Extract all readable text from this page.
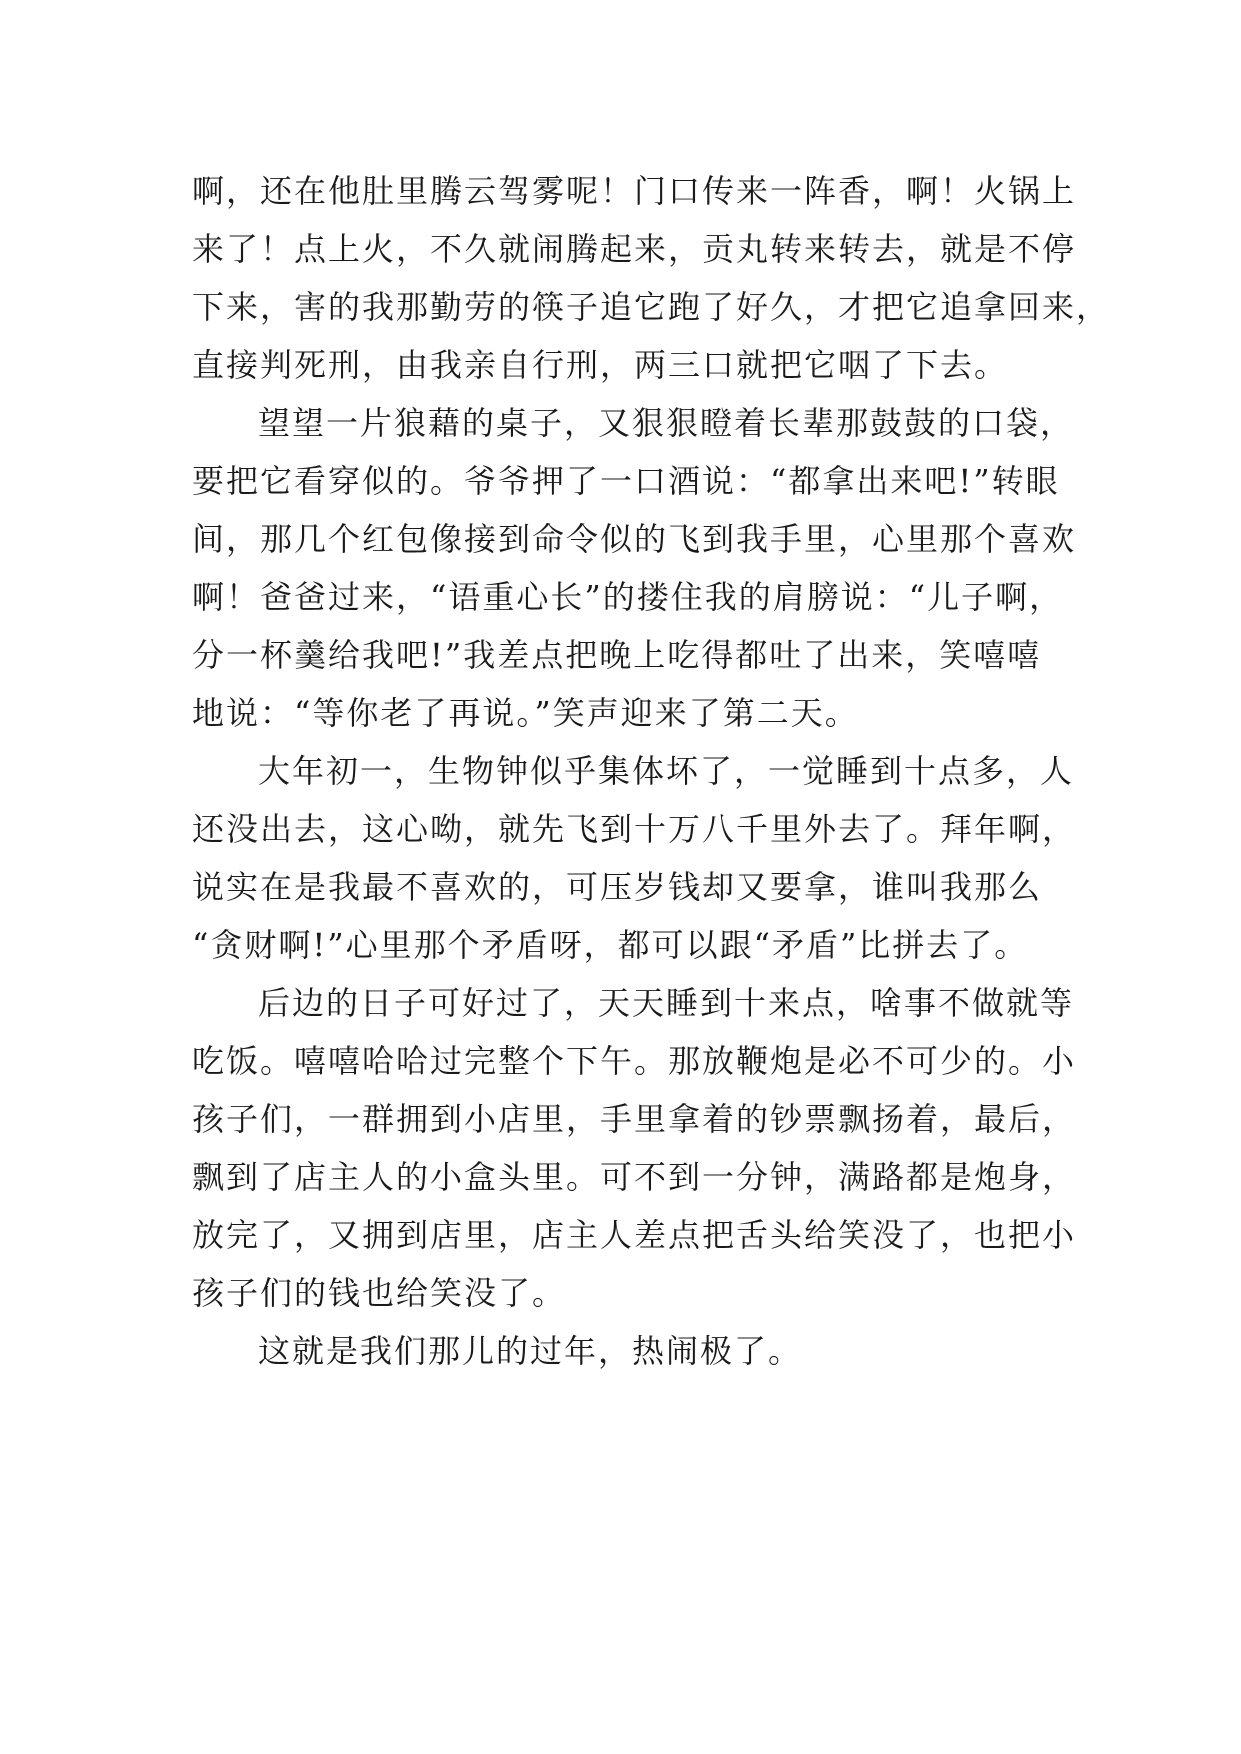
啊，还在他肚里腾云驾雾呢！门口传来一阵香，啊！火锅上
来了！点上火，不久就闹腾起来，贡丸转来转去，就是不停
下来，害的我那勤劳的筷子追它跑了好久，才把它追拿回来，
直接判死刑，由我亲自行刑，两三口就把它咽了下去。
望望一片狼藉的桌子，又狠狠瞪着长辈那鼓鼓的口袋，
要把它看穿似的。爷爷押了一口酒说：“都拿出来吧!”转眼
间，那几个红包像接到命令似的飞到我手里，心里那个喜欢
啊！爸爸过来，“语重心长”的搂住我的肩膀说：“儿子啊，
分一杯羹给我吧!”我差点把晚上吃得都吐了出来，笑嘻嘻
地说：“等你老了再说。”笑声迎来了第二天。
大年初一，生物钟似乎集体坏了，一觉睡到十点多，人
还没出去，这心呦，就先飞到十万八千里外去了。拜年啊，
说实在是我最不喜欢的，可压岁钱却又要拿，谁叫我那么
“贪财啊!”心里那个矛盾呀，都可以跟“矛盾”比拼去了。
后边的日子可好过了，天天睡到十来点，啥事不做就等
吃饭。嘻嘻哈哈过完整个下午。那放鞭炮是必不可少的。小
孩子们，一群拥到小店里，手里拿着的钞票飘扬着，最后，
飘到了店主人的小盒头里。可不到一分钟，满路都是炮身，
放完了，又拥到店里，店主人差点把舌头给笑没了，也把小
孩子们的钱也给笑没了。
这就是我们那儿的过年，热闹极了。
